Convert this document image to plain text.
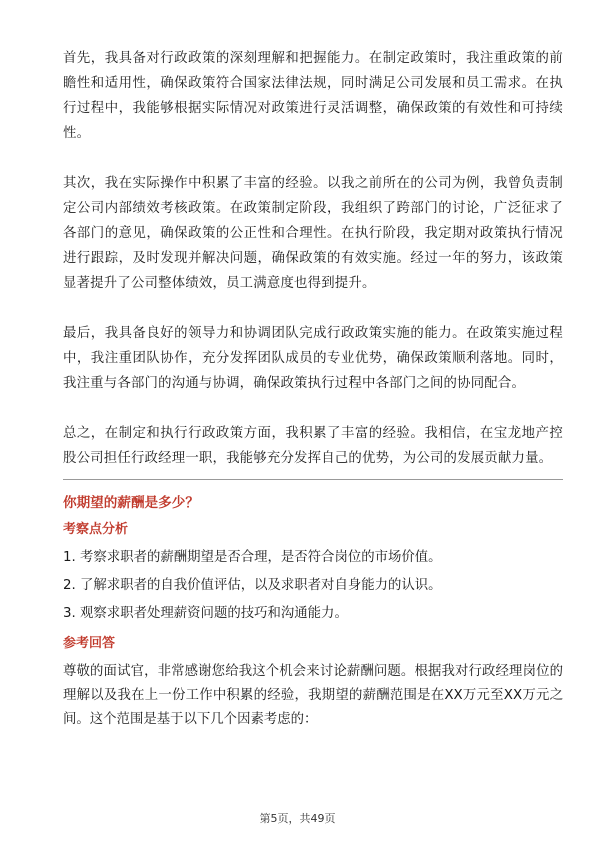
首先，我具备对行政政策的深刻理解和把握能力。在制定政策时，我注重政策的前瞻性和适用性，确保政策符合国家法律法规，同时满足公司发展和员工需求。在执行过程中，我能够根据实际情况对政策进行灵活调整，确保政策的有效性和可持续性。

其次，我在实际操作中积累了丰富的经验。以我之前所在的公司为例，我曾负责制定公司内部绩效考核政策。在政策制定阶段，我组织了跨部门的讨论，广泛征求了各部门的意见，确保政策的公正性和合理性。在执行阶段，我定期对政策执行情况进行跟踪，及时发现并解决问题，确保政策的有效实施。经过一年的努力，该政策显著提升了公司整体绩效，员工满意度也得到提升。

最后，我具备良好的领导力和协调团队完成行政政策实施的能力。在政策实施过程中，我注重团队协作，充分发挥团队成员的专业优势，确保政策顺利落地。同时，我注重与各部门的沟通与协调，确保政策执行过程中各部门之间的协同配合。

总之，在制定和执行行政政策方面，我积累了丰富的经验。我相信，在宝龙地产控股公司担任行政经理一职，我能够充分发挥自己的优势，为公司的发展贡献力量。

你期望的薪酬是多少？
考察点分析
1. 考察求职者的薪酬期望是否合理，是否符合岗位的市场价值。
2. 了解求职者的自我价值评估，以及求职者对自身能力的认识。
3. 观察求职者处理薪资问题的技巧和沟通能力。
参考回答

尊敬的面试官，非常感谢您给我这个机会来讨论薪酬问题。根据我对行政经理岗位的理解以及我在上一份工作中积累的经验，我期望的薪酬范围是在XX万元至XX万元之间。这个范围是基于以下几个因素考虑的：

第5页，共49页
